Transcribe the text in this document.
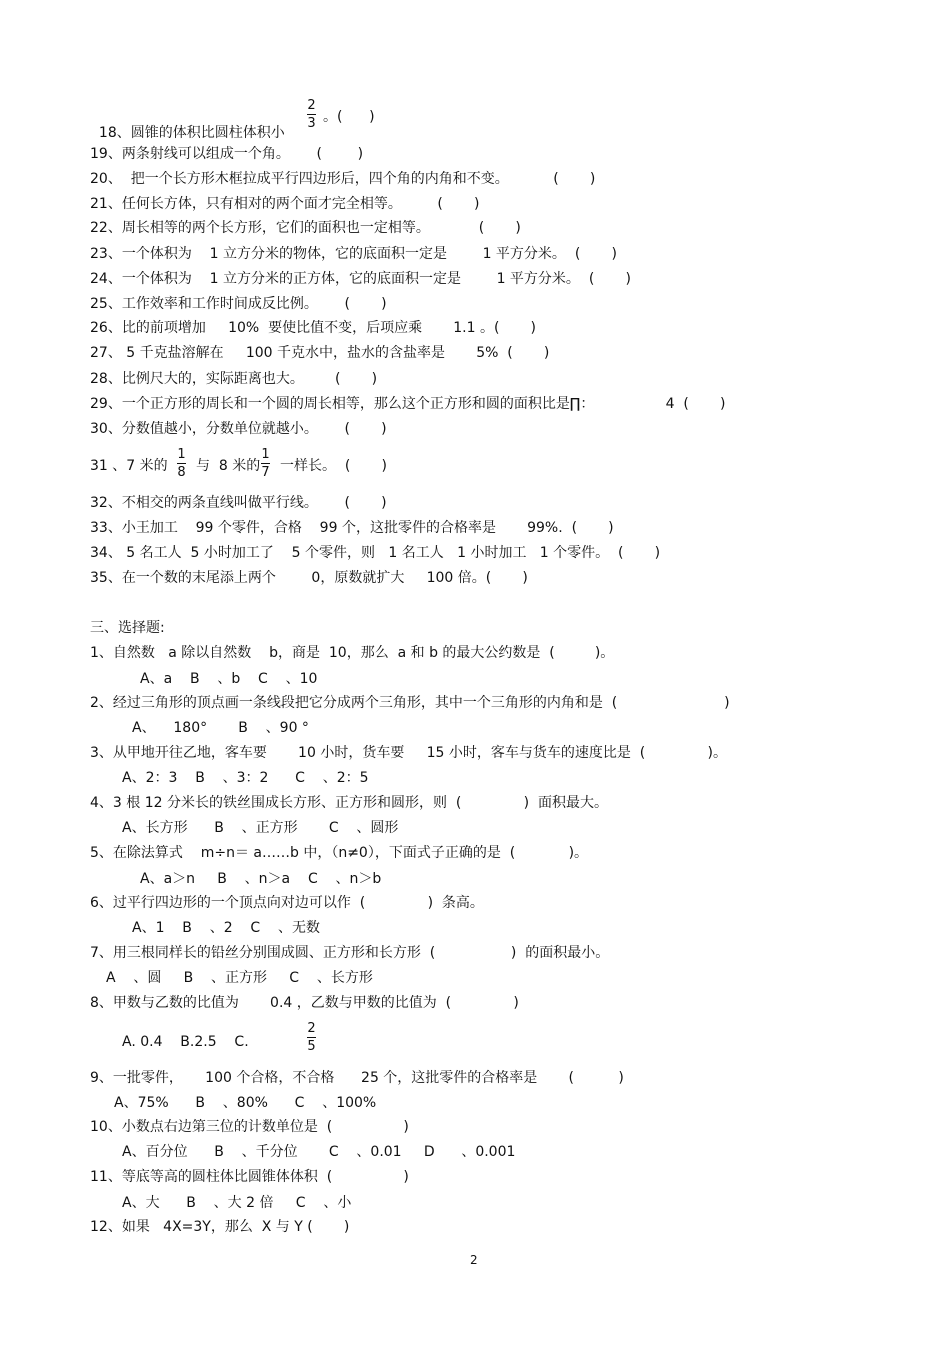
18、圆锥的体积比圆柱体积小

2
3 。(      )
19、两条射线可以组成一个角。      (        )
20、  把一个长方形木框拉成平行四边形后，四个角的内角和不变。          (       )
21、任何长方体，只有相对的两个面才完全相等。        (       )
22、周长相等的两个长方形，它们的面积也一定相等。           (       )
23、一个体积为    1 立方分米的物体，它的底面积一定是        1 平方分米。  (       )
24、一个体积为    1 立方分米的正方体，它的底面积一定是        1 平方分米。  (       )
25、工作效率和工作时间成反比例。      (       )
26、比的前项增加     10%  要使比值不变，后项应乘       1.1 。(       )
27、 5 千克盐溶解在     100 千克水中，盐水的含盐率是       5%  (       )
28、比例尺大的，实际距离也大。       (       )
29、一个正方形的周长和一个圆的周长相等，那么这个正方形和圆的面积比是∏：                4  (       )
30、分数值越小，分数单位就越小。      (       )
31 、7 米的
1
8 与  8 米的
1
7 一样长。  (       )
32、不相交的两条直线叫做平行线。      (       )
33、小王加工    99 个零件，合格    99 个，这批零件的合格率是       99%.  (       )
34、 5 名工人  5 小时加工了    5 个零件，则   1 名工人   1 小时加工   1 个零件。  (       )
35、在一个数的末尾添上两个        0，原数就扩大     100 倍。(       )
三、选择题:
1、自然数   a 除以自然数    b，商是  10，那么  a 和 b 的最大公约数是  (         )。
A、a    B    、b    C    、10
2、经过三角形的顶点画一条线段把它分成两个三角形，其中一个三角形的内角和是  (                        )
A、    180°       B    、90 °
3、从甲地开往乙地，客车要       10 小时，货车要     15 小时，客车与货车的速度比是  (              )。
A、2：3    B    、3：2      C    、2：5
4、3 根 12 分米长的铁丝围成长方形、正方形和圆形，则  (              )  面积最大。
A、长方形      B    、正方形       C    、圆形
5、在除法算式    m÷n＝ a……b 中，（n≠0），下面式子正确的是  (            )。
A、a＞n     B    、n＞a    C    、n＞b
6、过平行四边形的一个顶点向对边可以作  (              )  条高。
A、1    B    、2    C    、无数
7、用三根同样长的铅丝分别围成圆、正方形和长方形  (                 )  的面积最小。
A    、圆     B    、正方形     C    、长方形
8、甲数与乙数的比值为       0.4 ，乙数与甲数的比值为  (              )
A. 0.4    B.2.5    C.
2
5
9、一批零件，     100 个合格，不合格      25 个，这批零件的合格率是       (          )
A、75%      B    、80%      C    、100%
10、小数点右边第三位的计数单位是  (                )
A、百分位      B    、千分位       C    、0.01     D      、0.001
11、等底等高的圆柱体比圆锥体体积  (                )
A、大      B    、大 2 倍     C    、小
12、如果   4X=3Y，那么  X 与 Y (       )
2
